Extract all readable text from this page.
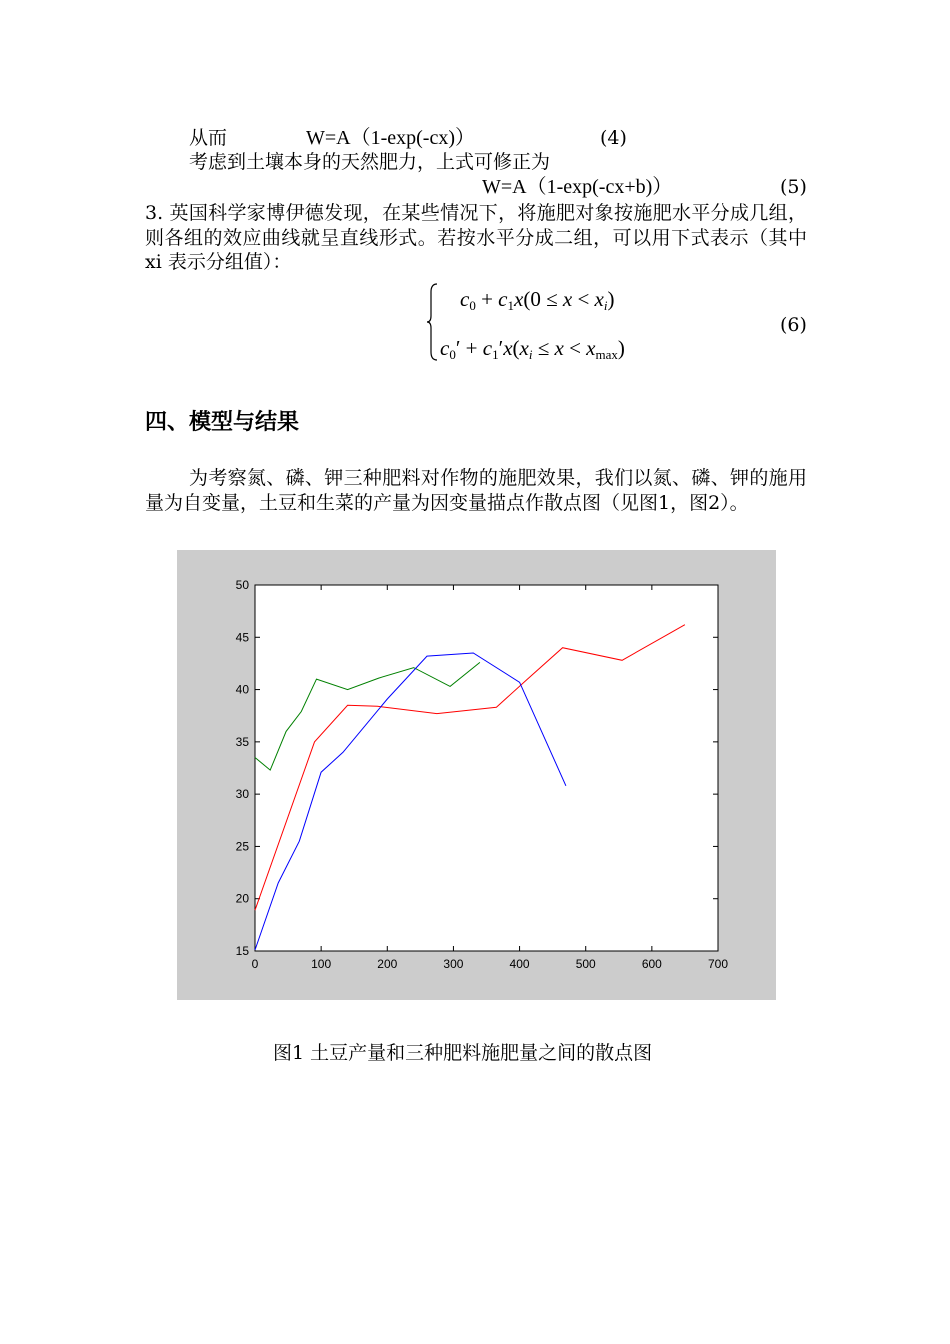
从而	W=A（1-exp(-cx)）	(4)
考虑到土壤本身的天然肥力，上式可修正为
W=A（1-exp(-cx+b)）	(5)
3. 英国科学家博伊德发现，在某些情况下，将施肥对象按施肥水平分成几组，则各组的效应曲线就呈直线形式。若按水平分成二组，可以用下式表示（其中 xi 表示分组值）：
c0 + c1x(0 ≤ x < xi)
c0′ + c1′x(xi ≤ x < xmax)
(6)
四、模型与结果
为考察氮、磷、钾三种肥料对作物的施肥效果，我们以氮、磷、钾的施用量为自变量，土豆和生菜的产量为因变量描点作散点图（见图1，图2）。
0	100	200	300	400	500	600	700
15
20
25
30
35
40
45
50
图1 土豆产量和三种肥料施肥量之间的散点图
